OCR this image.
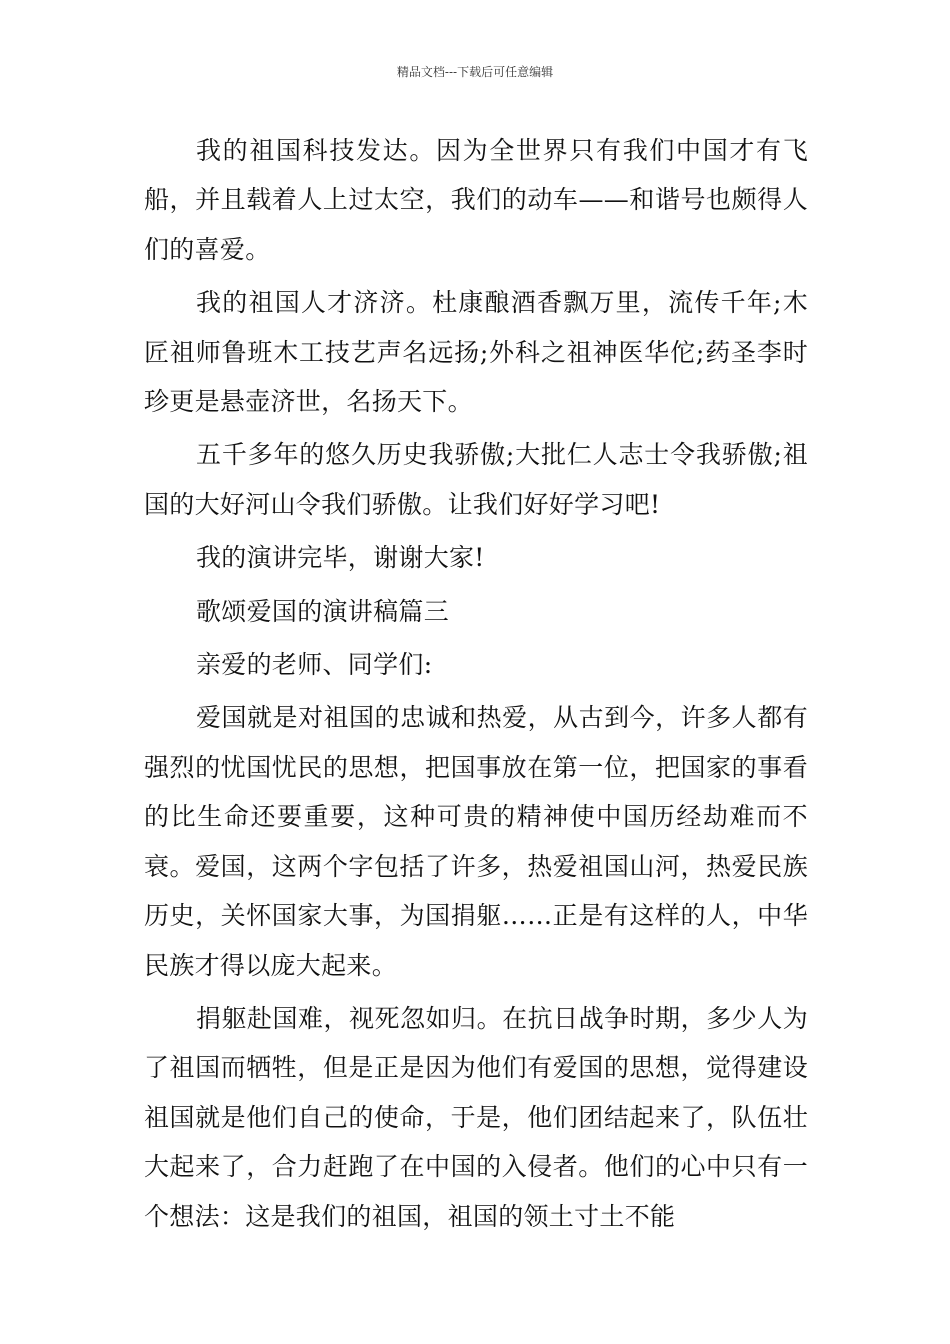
精品文档---下载后可任意编辑

我的祖国科技发达。因为全世界只有我们中国才有飞船，并且载着人上过太空，我们的动车——和谐号也颇得人们的喜爱。

我的祖国人才济济。杜康酿酒香飘万里，流传千年;木匠祖师鲁班木工技艺声名远扬;外科之祖神医华佗;药圣李时珍更是悬壶济世，名扬天下。

五千多年的悠久历史我骄傲;大批仁人志士令我骄傲;祖国的大好河山令我们骄傲。让我们好好学习吧!

我的演讲完毕，谢谢大家!

歌颂爱国的演讲稿篇三

亲爱的老师、同学们:

爱国就是对祖国的忠诚和热爱，从古到今，许多人都有强烈的忧国忧民的思想，把国事放在第一位，把国家的事看的比生命还要重要，这种可贵的精神使中国历经劫难而不衰。爱国，这两个字包括了许多，热爱祖国山河，热爱民族历史，关怀国家大事，为国捐躯……正是有这样的人，中华民族才得以庞大起来。

捐躯赴国难，视死忽如归。在抗日战争时期，多少人为了祖国而牺牲，但是正是因为他们有爱国的思想，觉得建设祖国就是他们自己的使命，于是，他们团结起来了，队伍壮大起来了，合力赶跑了在中国的入侵者。他们的心中只有一个想法：这是我们的祖国，祖国的领土寸土不能
